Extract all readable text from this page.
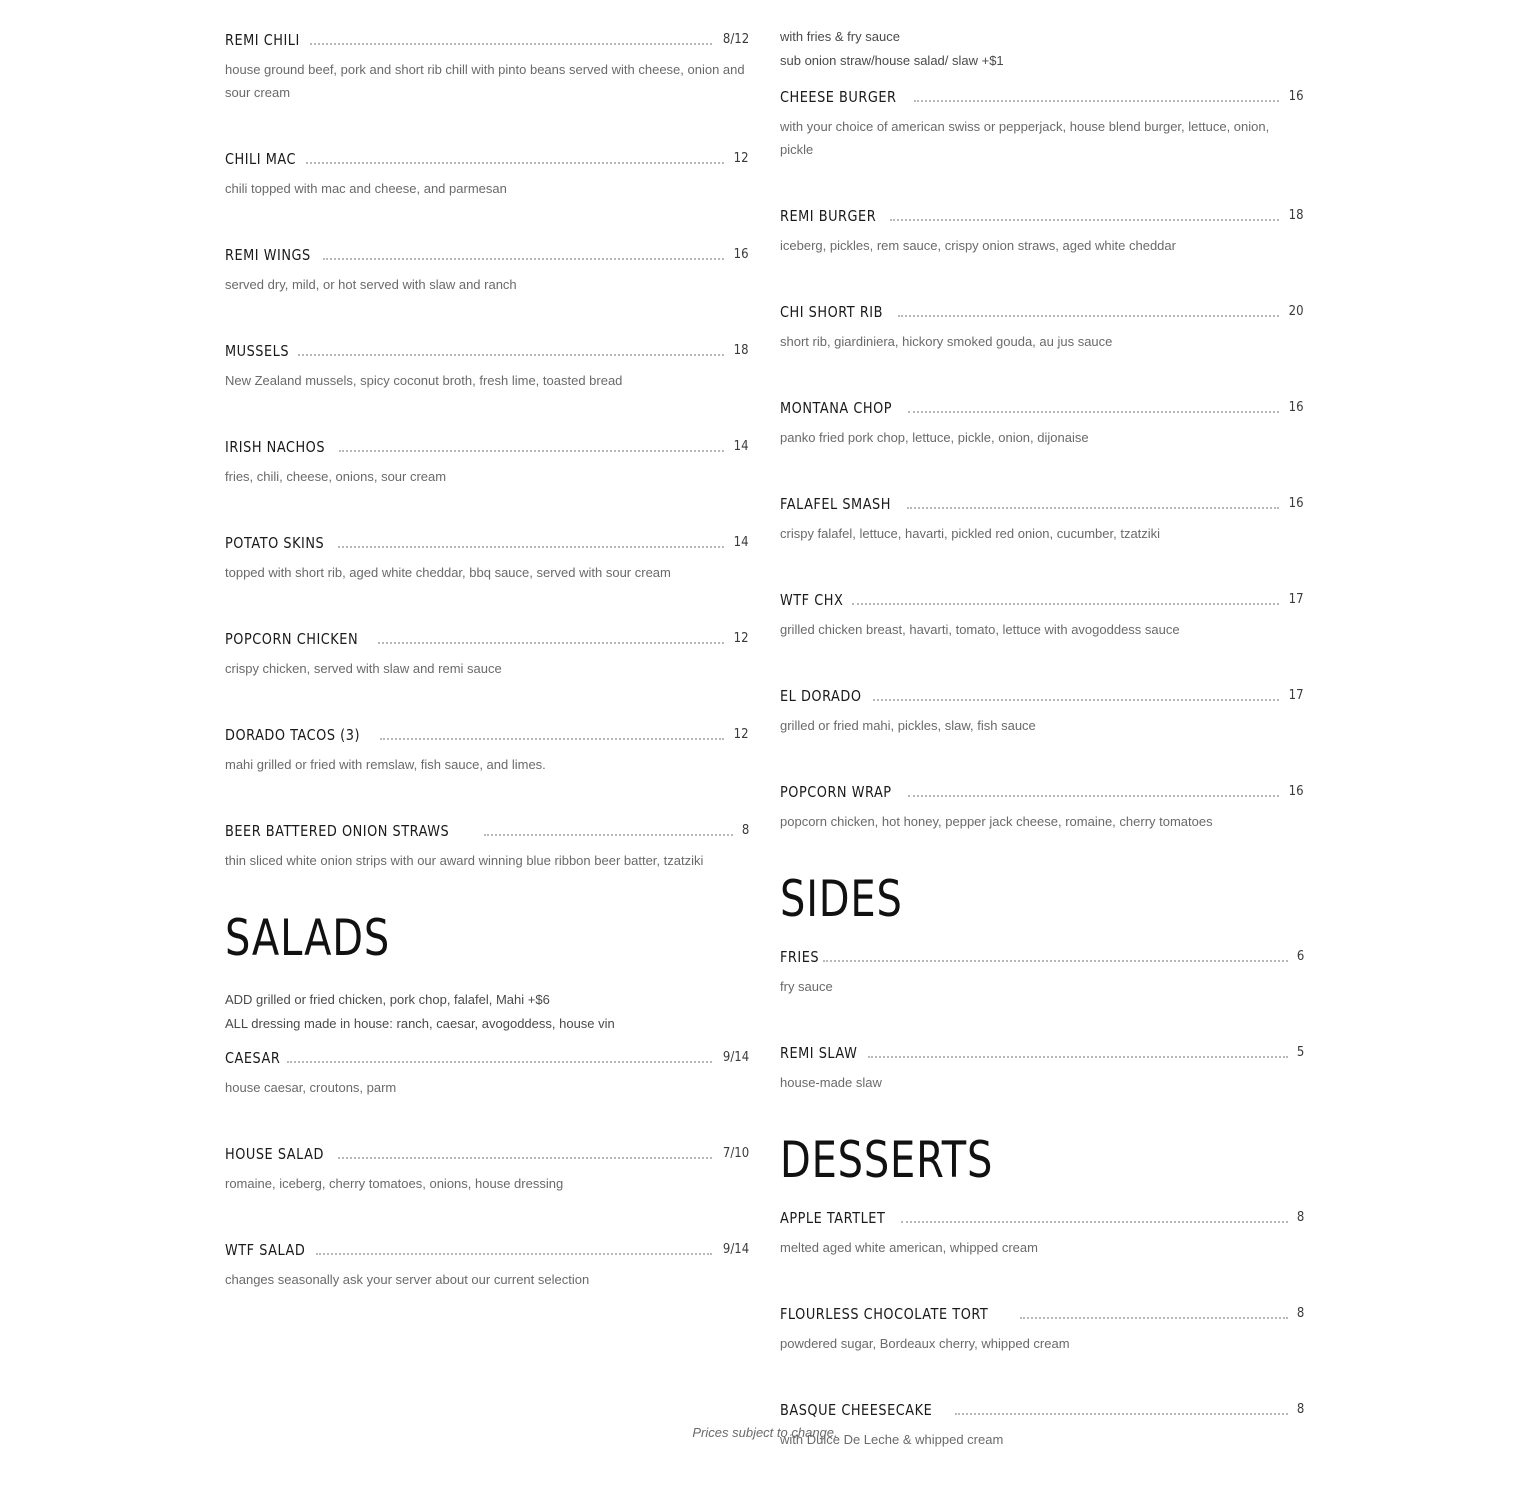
REMI CHILI	8/12
house ground beef, pork and short rib chill with pinto beans served with cheese, onion and sour cream
CHILI MAC	12
chili topped with mac and cheese, and parmesan
REMI WINGS	16
served dry, mild, or hot served with slaw and ranch
MUSSELS	18
New Zealand mussels, spicy coconut broth, fresh lime, toasted bread
IRISH NACHOS	14
fries, chili, cheese, onions, sour cream
POTATO SKINS	14
topped with short rib, aged white cheddar, bbq sauce, served with sour cream
POPCORN CHICKEN	12
crispy chicken, served with slaw and remi sauce
DORADO TACOS (3)	12
mahi grilled or fried with remslaw, fish sauce, and limes.
BEER BATTERED ONION STRAWS	8
thin sliced white onion strips with our award winning blue ribbon beer batter, tzatziki
SALADS
ADD grilled or fried chicken, pork chop, falafel, Mahi +$6
ALL dressing made in house: ranch, caesar, avogoddess, house vin
CAESAR	9/14
house caesar, croutons, parm
HOUSE SALAD	7/10
romaine, iceberg, cherry tomatoes, onions, house dressing
WTF SALAD	9/14
changes seasonally ask your server about our current selection
with fries & fry sauce
sub onion straw/house salad/ slaw +$1
CHEESE BURGER	16
with your choice of american swiss or pepperjack, house blend burger, lettuce, onion, pickle
REMI BURGER	18
iceberg, pickles, rem sauce, crispy onion straws, aged white cheddar
CHI SHORT RIB	20
short rib, giardiniera, hickory smoked gouda, au jus sauce
MONTANA CHOP	16
panko fried pork chop, lettuce, pickle, onion, dijonaise
FALAFEL SMASH	16
crispy falafel, lettuce, havarti, pickled red onion, cucumber, tzatziki
WTF CHX	17
grilled chicken breast, havarti, tomato, lettuce with avogoddess sauce
EL DORADO	17
grilled or fried mahi, pickles, slaw, fish sauce
POPCORN WRAP	16
popcorn chicken, hot honey, pepper jack cheese, romaine, cherry tomatoes
SIDES
FRIES	6
fry sauce
REMI SLAW	5
house-made slaw
DESSERTS
APPLE TARTLET	8
melted aged white american, whipped cream
FLOURLESS CHOCOLATE TORT	8
powdered sugar, Bordeaux cherry, whipped cream
BASQUE CHEESECAKE	8
with Dulce De Leche & whipped cream
Prices subject to change.
